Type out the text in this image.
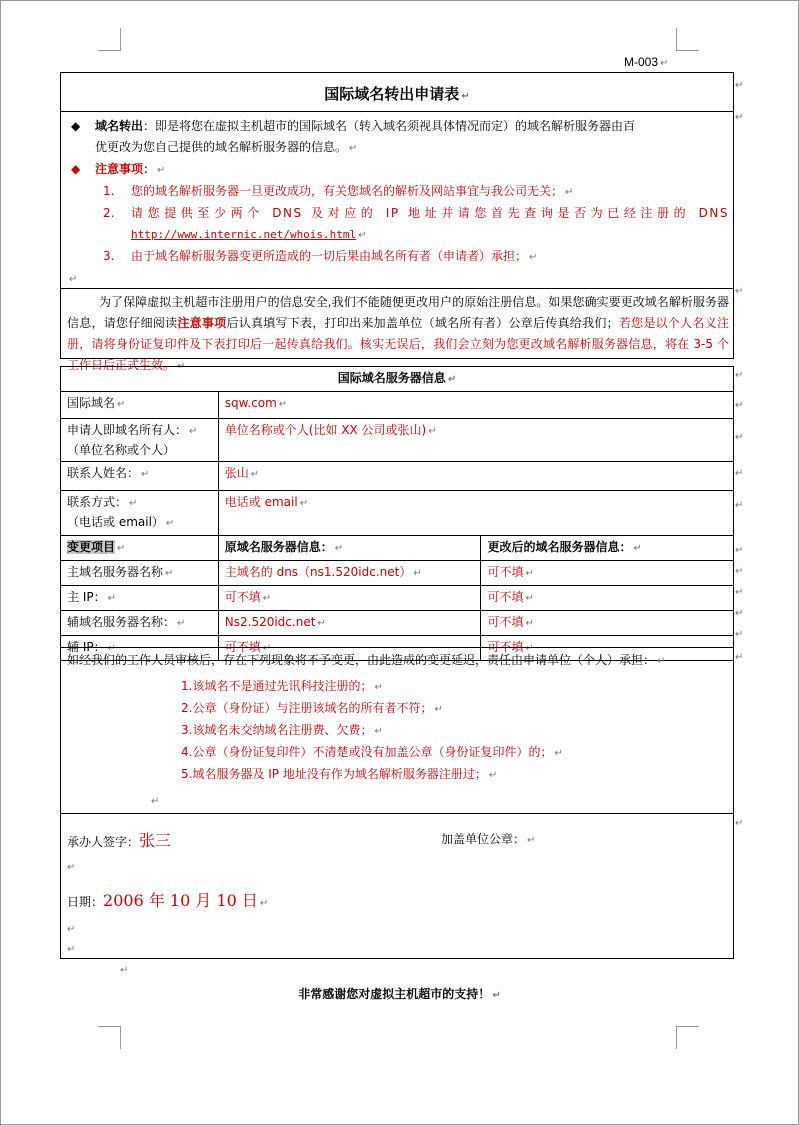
M-003 ↵
国际域名转出申请表 ↵
◆ 域名转出：即是将您在虚拟主机超市的国际域名（转入域名须视具体情况而定）的域名解析服务器由百
优更改为您自己提供的域名解析服务器的信息。 ↵
◆ 注意事项： ↵
1. 您的域名解析服务器一旦更改成功，有关您域名的解析及网站事宜与我公司无关； ↵
2. 请您提供至少两个 DNS 及对应的 IP 地址并请您首先查询是否为已经注册的 DNS
http://www.internic.net/whois.html ↵
3. 由于域名解析服务器变更所造成的一切后果由域名所有者（申请者）承担； ↵
↵
为了保障虚拟主机超市注册用户的信息安全,我们不能随便更改用户的原始注册信息。如果您确实要更改域名解析服务器信息，请您仔细阅读注意事项后认真填写下表，打印出来加盖单位（域名所有者）公章后传真给我们；若您是以个人名义注册，请将身份证复印件及下表打印后一起传真给我们。核实无误后，我们会立刻为您更改域名解析服务器信息，将在 3-5 个工作日后正式生效。 ↵
国际域名服务器信息 ↵		
国际域名 ↵	sqw.com ↵	
申请人即域名所有人： ↵
（单位名称或个人）	单位名称或个人(比如 XX 公司或张山) ↵	
联系人姓名： ↵	张山 ↵	
联系方式： ↵
（电话或 email） ↵	电话或 email ↵	
变更项目 ↵	原域名服务器信息： ↵	更改后的域名服务器信息： ↵
主域名服务器名称 ↵	主域名的 dns（ns1.520idc.net） ↵	可不填 ↵
主 IP： ↵	可不填 ↵	可不填 ↵
辅域名服务器名称： ↵	Ns2.520idc.net ↵	可不填 ↵
辅 IP： ↵	可不填 ↵	可不填 ↵
如经我们的工作人员审核后，存在下列现象将不予变更，由此造成的变更延迟，责任由申请单位（个人）承担： ↵
1.该域名不是通过先讯科技注册的； ↵
2.公章（身份证）与注册该域名的所有者不符； ↵
3.该域名未交纳域名注册费、欠费； ↵
4.公章（身份证复印件）不清楚或没有加盖公章（身份证复印件）的； ↵
5.域名服务器及 IP 地址没有作为域名解析服务器注册过； ↵
↵
承办人签字：张三	加盖单位公章： ↵
↵
日期：2006 年 10 月 10 日 ↵
↵
↵
↵
非常感谢您对虚拟主机超市的支持！ ↵
↵
↵
↵
↵
↵
↵
↵
↵
↵
↵
↵
↵
↵
↵
↵
